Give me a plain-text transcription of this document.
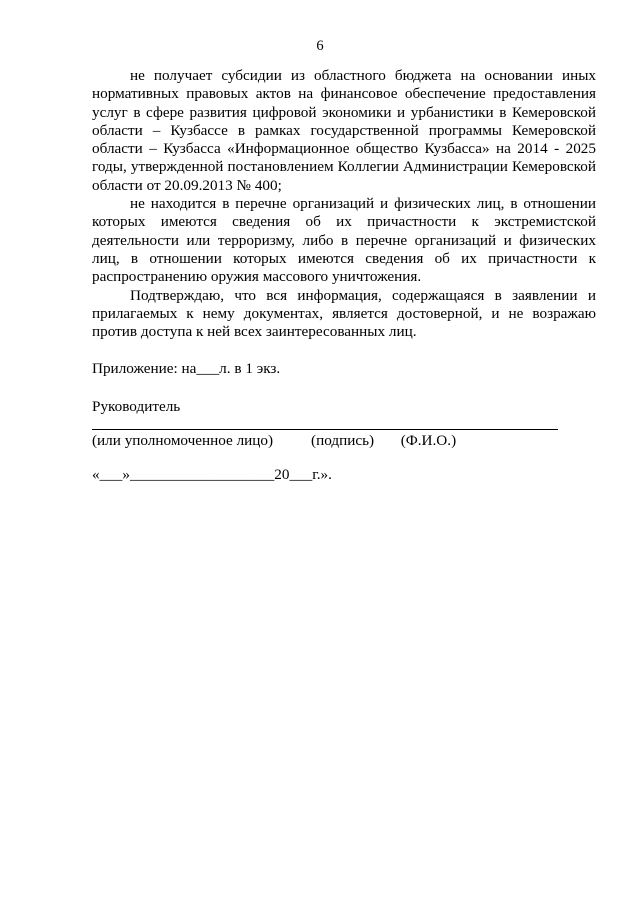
6

не получает субсидии из областного бюджета на основании иных нормативных правовых актов на финансовое обеспечение предоставления услуг в сфере развития цифровой экономики и урбанистики в Кемеровской области – Кузбассе в рамках государственной программы Кемеровской области – Кузбасса «Информационное общество Кузбасса» на 2014 - 2025 годы, утвержденной постановлением Коллегии Администрации Кемеровской области от 20.09.2013 № 400;

не находится в перечне организаций и физических лиц, в отношении которых имеются сведения об их причастности к экстремистской деятельности или терроризму, либо в перечне организаций и физических лиц, в отношении которых имеются сведения об их причастности к распространению оружия массового уничтожения.

Подтверждаю, что вся информация, содержащаяся в заявлении и прилагаемых к нему документах, является достоверной, и не возражаю против доступа к ней всех заинтересованных лиц.

Приложение: на___л. в 1 экз.
Руководитель
(или уполномоченное лицо) (подпись) (Ф.И.О.)
«___»___________________20___г.».
